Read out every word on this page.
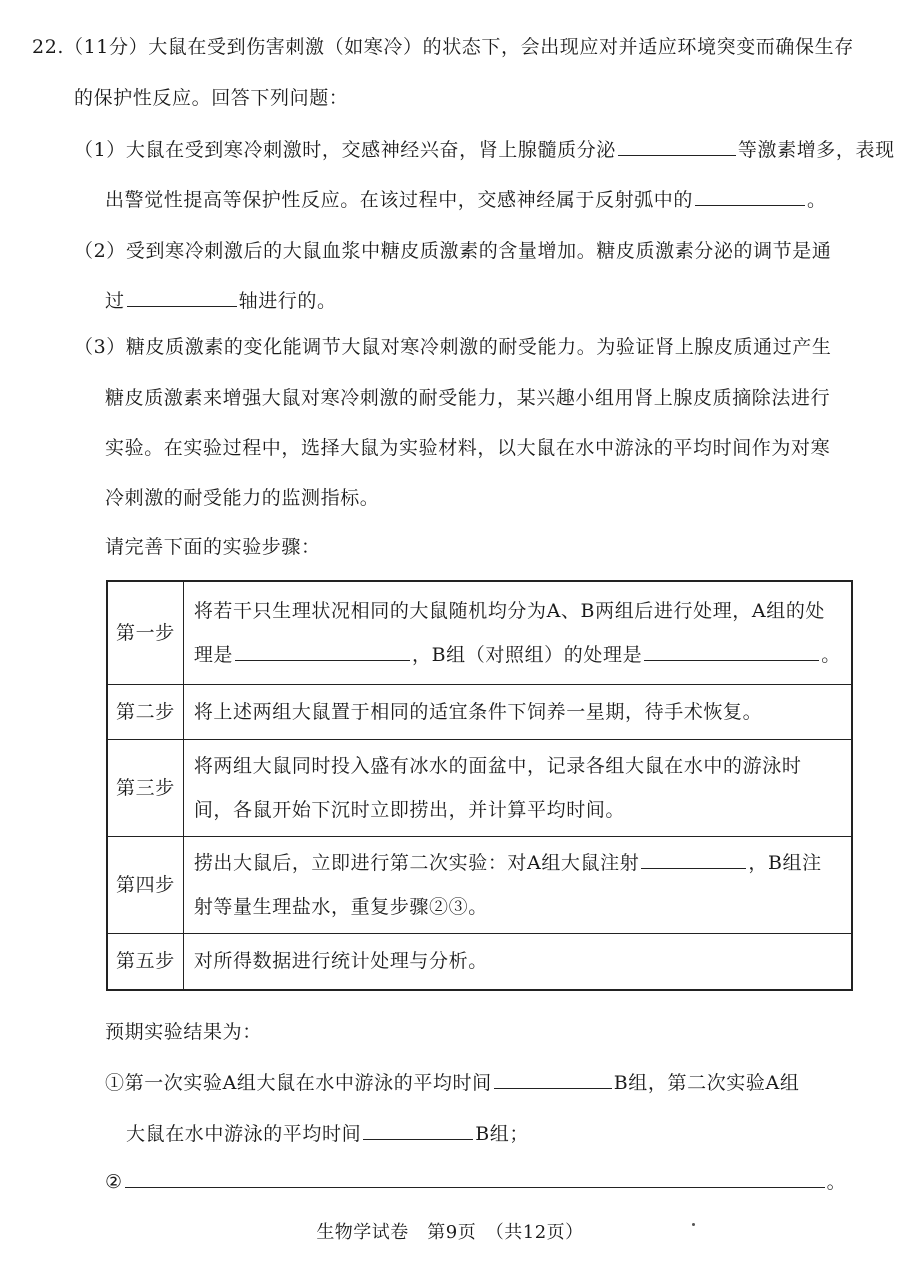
22.（11分）大鼠在受到伤害刺激（如寒冷）的状态下，会出现应对并适应环境突变而确保生存
的保护性反应。回答下列问题：
（1）大鼠在受到寒冷刺激时，交感神经兴奋，肾上腺髓质分泌	等激素增多，表现
出警觉性提高等保护性反应。在该过程中，交感神经属于反射弧中的	。
（2）受到寒冷刺激后的大鼠血浆中糖皮质激素的含量增加。糖皮质激素分泌的调节是通
过	轴进行的。
（3）糖皮质激素的变化能调节大鼠对寒冷刺激的耐受能力。为验证肾上腺皮质通过产生
糖皮质激素来增强大鼠对寒冷刺激的耐受能力，某兴趣小组用肾上腺皮质摘除法进行
实验。在实验过程中，选择大鼠为实验材料，以大鼠在水中游泳的平均时间作为对寒
冷刺激的耐受能力的监测指标。
请完善下面的实验步骤：
第一步	将若干只生理状况相同的大鼠随机均分为A、B两组后进行处理，A组的处
理是 ，B组（对照组）的处理是 。

第二步	将上述两组大鼠置于相同的适宜条件下饲养一星期，待手术恢复。

第三步	将两组大鼠同时投入盛有冰水的面盆中，记录各组大鼠在水中的游泳时
间，各鼠开始下沉时立即捞出，并计算平均时间。

第四步	捞出大鼠后，立即进行第二次实验：对A组大鼠注射 ，B组注
射等量生理盐水，重复步骤②③。

第五步	对所得数据进行统计处理与分析。
预期实验结果为：
①第一次实验A组大鼠在水中游泳的平均时间	B组，第二次实验A组
大鼠在水中游泳的平均时间	B组；
②	。
生物学试卷　第9页　（共12页）
